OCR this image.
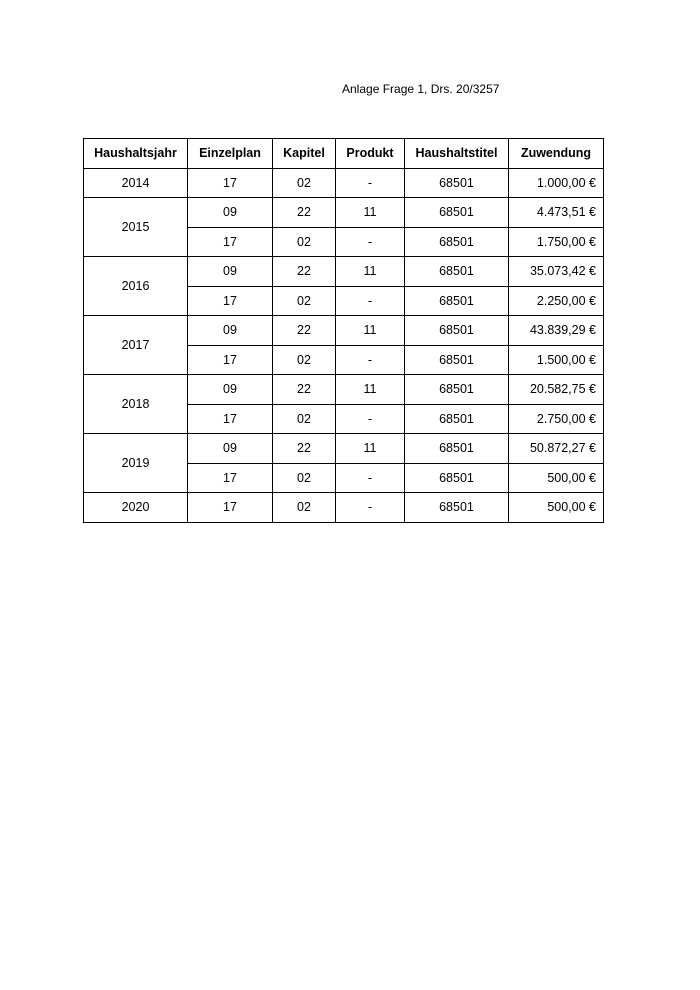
Anlage Frage 1, Drs. 20/3257
Haushaltsjahr	Einzelplan	Kapitel	Produkt	Haushaltstitel	Zuwendung
2014	17	02	-	68501	1.000,00 €
2015	09	22	11	68501	4.473,51 €
	17	02	-	68501	1.750,00 €
2016	09	22	11	68501	35.073,42 €
	17	02	-	68501	2.250,00 €
2017	09	22	11	68501	43.839,29 €
	17	02	-	68501	1.500,00 €
2018	09	22	11	68501	20.582,75 €
	17	02	-	68501	2.750,00 €
2019	09	22	11	68501	50.872,27 €
	17	02	-	68501	500,00 €
2020	17	02	-	68501	500,00 €
